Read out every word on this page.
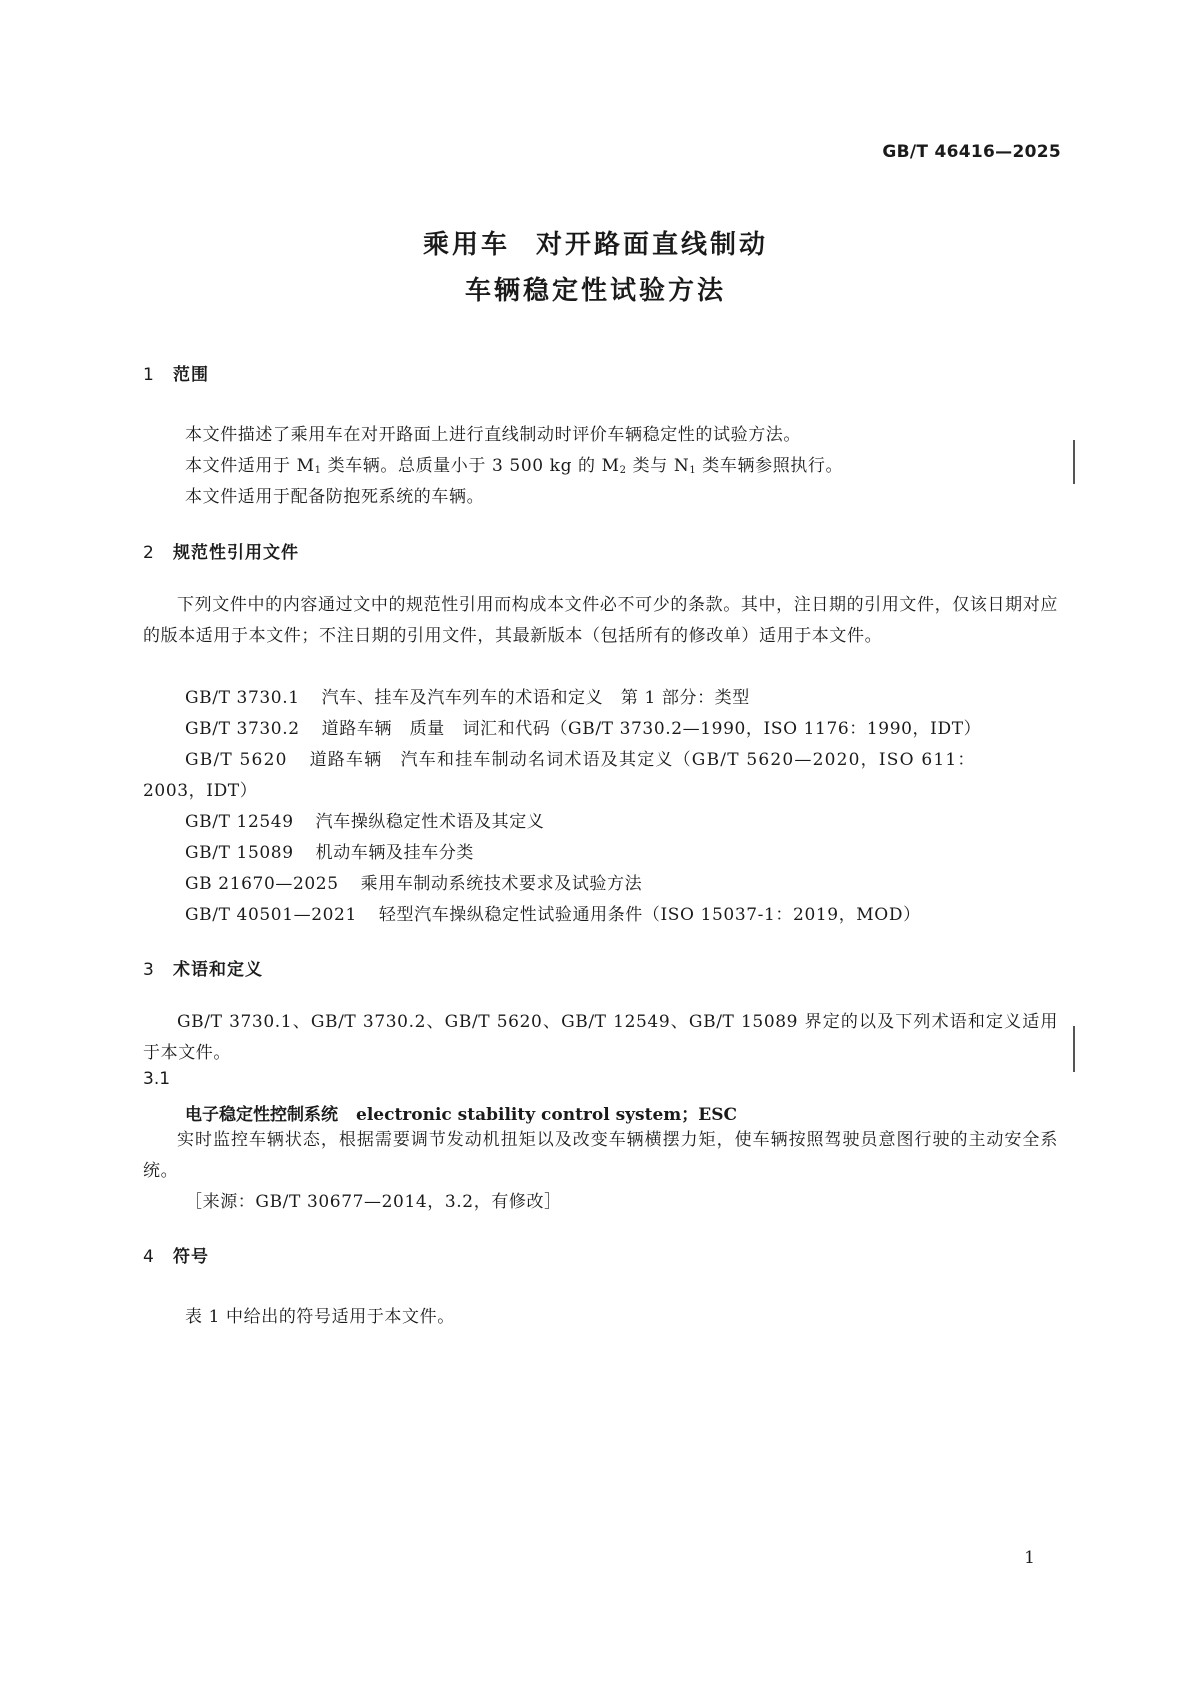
GB/T 46416—2025
乘用车 对开路面直线制动
车辆稳定性试验方法
1 范围
本文件描述了乘用车在对开路面上进行直线制动时评价车辆稳定性的试验方法。
本文件适用于 $M_1$ 类车辆。总质量小于 3 500 kg 的 $M_2$ 类与 $N_1$ 类车辆参照执行。
本文件适用于配备防抱死系统的车辆。
2 规范性引用文件
下列文件中的内容通过文中的规范性引用而构成本文件必不可少的条款。其中，注日期的引用文件，仅该日期对应的版本适用于本文件；不注日期的引用文件，其最新版本（包括所有的修改单）适用于本文件。
GB/T 3730.1 汽车、挂车及汽车列车的术语和定义　第 1 部分：类型
GB/T 3730.2 道路车辆　质量　词汇和代码（GB/T 3730.2—1990，ISO 1176：1990，IDT）
GB/T 5620 道路车辆　汽车和挂车制动名词术语及其定义（GB/T 5620—2020，ISO 611：
2003，IDT）
GB/T 12549 汽车操纵稳定性术语及其定义
GB/T 15089 机动车辆及挂车分类
GB 21670—2025 乘用车制动系统技术要求及试验方法
GB/T 40501—2021 轻型汽车操纵稳定性试验通用条件（ISO 15037-1：2019，MOD）
3 术语和定义
GB/T 3730.1、GB/T 3730.2、GB/T 5620、GB/T 12549、GB/T 15089 界定的以及下列术语和定义适用于本文件。
3.1
电子稳定性控制系统 electronic stability control system；ESC
实时监控车辆状态，根据需要调节发动机扭矩以及改变车辆横摆力矩，使车辆按照驾驶员意图行驶的主动安全系统。
［来源：GB/T 30677—2014，3.2，有修改］
4 符号
表 1 中给出的符号适用于本文件。
1
